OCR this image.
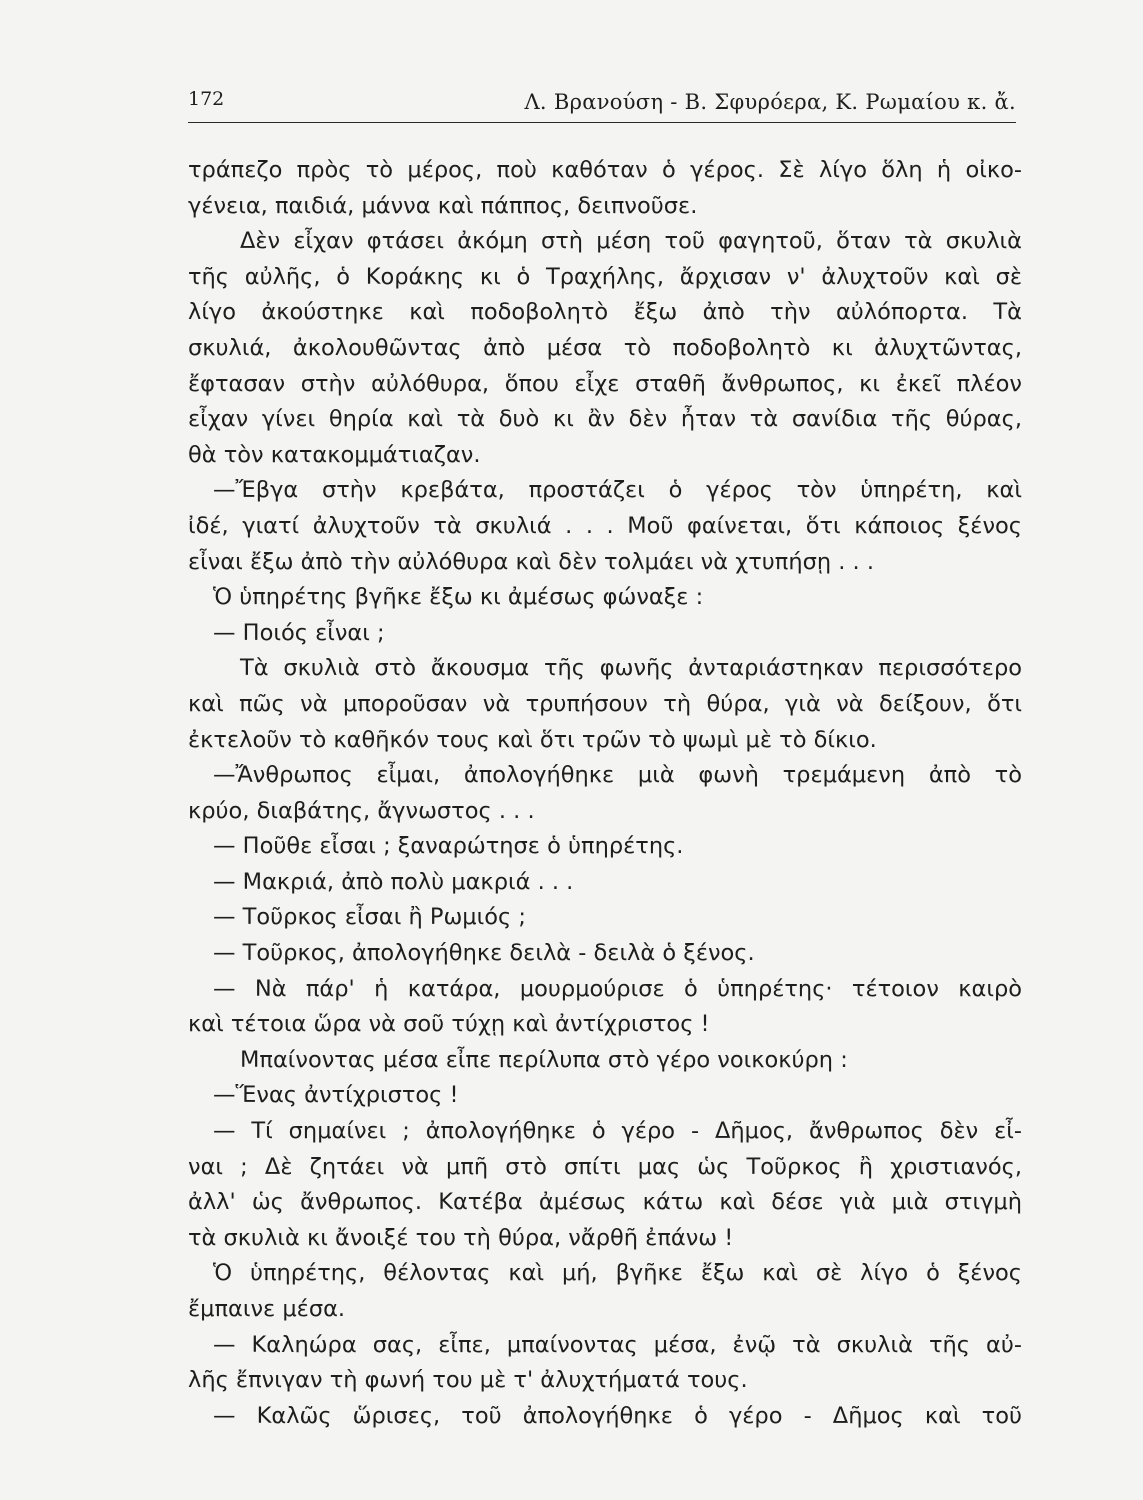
172	Λ. Βρανούση - Β. Σφυρόερα, Κ. Ρωμαίου κ. ἄ.
τράπεζο πρὸς τὸ μέρος, ποὺ καθόταν ὁ γέρος. Σὲ λίγο ὅλη ἡ οἰκο-
γένεια, παιδιά, μάννα καὶ πάππος, δειπνοῦσε.
Δὲν εἶχαν φτάσει ἀκόμη στὴ μέση τοῦ φαγητοῦ, ὅταν τὰ σκυλιὰ
τῆς αὐλῆς, ὁ Κοράκης κι ὁ Τραχήλης, ἄρχισαν ν' ἀλυχτοῦν καὶ σὲ
λίγο ἀκούστηκε καὶ ποδοβολητὸ ἔξω ἀπὸ τὴν αὐλόπορτα. Τὰ
σκυλιά, ἀκολουθῶντας ἀπὸ μέσα τὸ ποδοβολητὸ κι ἀλυχτῶντας,
ἔφτασαν στὴν αὐλόθυρα, ὅπου εἶχε σταθῆ ἄνθρωπος, κι ἐκεῖ πλέον
εἶχαν γίνει θηρία καὶ τὰ δυὸ κι ἂν δὲν ἦταν τὰ σανίδια τῆς θύρας,
θὰ τὸν κατακομμάτιαζαν.
—Ἔβγα στὴν κρεβάτα, προστάζει ὁ γέρος τὸν ὑπηρέτη, καὶ
ἰδέ, γιατί ἀλυχτοῦν τὰ σκυλιά . . . Μοῦ φαίνεται, ὅτι κάποιος ξένος
εἶναι ἔξω ἀπὸ τὴν αὐλόθυρα καὶ δὲν τολμάει νὰ χτυπήσῃ . . .
Ὁ ὑπηρέτης βγῆκε ἔξω κι ἀμέσως φώναξε :
— Ποιός εἶναι ;
Τὰ σκυλιὰ στὸ ἄκουσμα τῆς φωνῆς ἀνταριάστηκαν περισσότερο
καὶ πῶς νὰ μποροῦσαν νὰ τρυπήσουν τὴ θύρα, γιὰ νὰ δείξουν, ὅτι
ἐκτελοῦν τὸ καθῆκόν τους καὶ ὅτι τρῶν τὸ ψωμὶ μὲ τὸ δίκιο.
—Ἄνθρωπος εἶμαι, ἀπολογήθηκε μιὰ φωνὴ τρεμάμενη ἀπὸ τὸ
κρύο, διαβάτης, ἄγνωστος . . .
— Ποῦθε εἶσαι ; ξαναρώτησε ὁ ὑπηρέτης.
— Μακριά, ἀπὸ πολὺ μακριά . . .
— Τοῦρκος εἶσαι ἢ Ρωμιός ;
— Τοῦρκος, ἀπολογήθηκε δειλὰ - δειλὰ ὁ ξένος.
— Νὰ πάρ' ἡ κατάρα, μουρμούρισε ὁ ὑπηρέτης· τέτοιον καιρὸ
καὶ τέτοια ὥρα νὰ σοῦ τύχῃ καὶ ἀντίχριστος !
Μπαίνοντας μέσα εἶπε περίλυπα στὸ γέρο νοικοκύρη :
—Ἕνας ἀντίχριστος !
— Τί σημαίνει ; ἀπολογήθηκε ὁ γέρο - Δῆμος, ἄνθρωπος δὲν εἶ-
ναι ; Δὲ ζητάει νὰ μπῆ στὸ σπίτι μας ὡς Τοῦρκος ἢ χριστιανός,
ἀλλ' ὡς ἄνθρωπος. Κατέβα ἀμέσως κάτω καὶ δέσε γιὰ μιὰ στιγμὴ
τὰ σκυλιὰ κι ἄνοιξέ του τὴ θύρα, νἄρθῆ ἐπάνω !
Ὁ ὑπηρέτης, θέλοντας καὶ μή, βγῆκε ἔξω καὶ σὲ λίγο ὁ ξένος
ἔμπαινε μέσα.
— Καληώρα σας, εἶπε, μπαίνοντας μέσα, ἐνῷ τὰ σκυλιὰ τῆς αὐ-
λῆς ἔπνιγαν τὴ φωνή του μὲ τ' ἀλυχτήματά τους.
— Καλῶς ὥρισες, τοῦ ἀπολογήθηκε ὁ γέρο - Δῆμος καὶ τοῦ
